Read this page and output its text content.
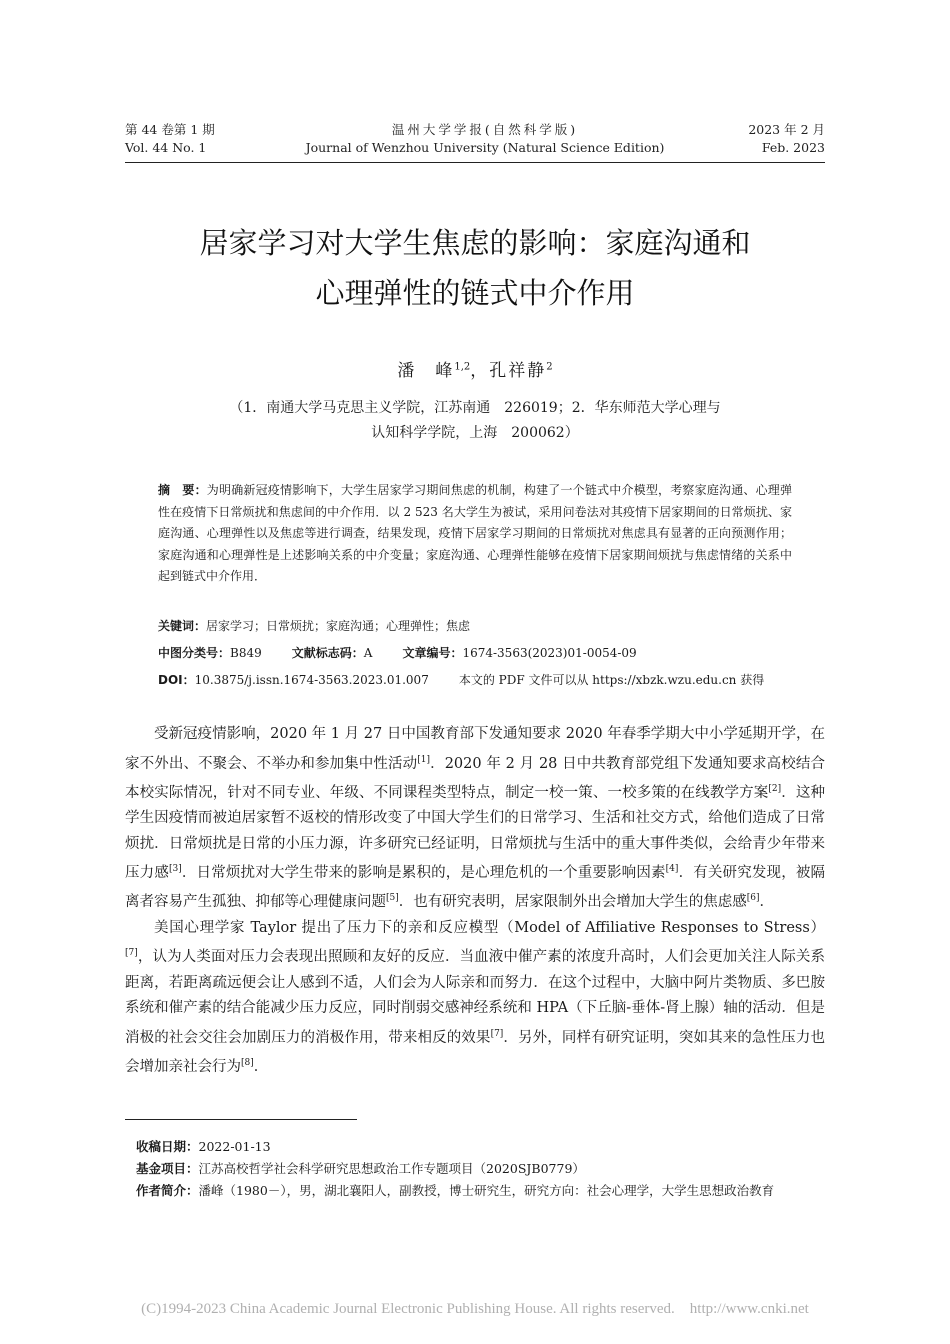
第 44 卷第 1 期
Vol. 44 No. 1
温州大学学报(自然科学版)
Journal of Wenzhou University (Natural Science Edition)
2023 年 2 月
Feb. 2023
居家学习对大学生焦虑的影响：家庭沟通和
心理弹性的链式中介作用
潘　峰$^{1,2}$，孔祥静$^2$
（1．南通大学马克思主义学院，江苏南通　226019；2．华东师范大学心理与
认知科学学院，上海　200062）
摘　要：为明确新冠疫情影响下，大学生居家学习期间焦虑的机制，构建了一个链式中介模型，考察家庭沟通、心理弹性在疫情下日常烦扰和焦虑间的中介作用．以 2 523 名大学生为被试，采用问卷法对其疫情下居家期间的日常烦扰、家庭沟通、心理弹性以及焦虑等进行调查，结果发现，疫情下居家学习期间的日常烦扰对焦虑具有显著的正向预测作用；家庭沟通和心理弹性是上述影响关系的中介变量；家庭沟通、心理弹性能够在疫情下居家期间烦扰与焦虑情绪的关系中起到链式中介作用．
关键词：居家学习；日常烦扰；家庭沟通；心理弹性；焦虑
中图分类号：B849	文献标志码：A	文章编号：1674-3563(2023)01-0054-09
DOI：10.3875/j.issn.1674-3563.2023.01.007	本文的 PDF 文件可以从 https://xbzk.wzu.edu.cn 获得

受新冠疫情影响，2020 年 1 月 27 日中国教育部下发通知要求 2020 年春季学期大中小学延期开学，在家不外出、不聚会、不举办和参加集中性活动[1]．2020 年 2 月 28 日中共教育部党组下发通知要求高校结合本校实际情况，针对不同专业、年级、不同课程类型特点，制定一校一策、一校多策的在线教学方案[2]．这种学生因疫情而被迫居家暂不返校的情形改变了中国大学生们的日常学习、生活和社交方式，给他们造成了日常烦扰．日常烦扰是日常的小压力源，许多研究已经证明，日常烦扰与生活中的重大事件类似，会给青少年带来压力感[3]．日常烦扰对大学生带来的影响是累积的，是心理危机的一个重要影响因素[4]．有关研究发现，被隔离者容易产生孤独、抑郁等心理健康问题[5]．也有研究表明，居家限制外出会增加大学生的焦虑感[6]．

美国心理学家 Taylor 提出了压力下的亲和反应模型（Model of Affiliative Responses to Stress）[7]，认为人类面对压力会表现出照顾和友好的反应．当血液中催产素的浓度升高时，人们会更加关注人际关系距离，若距离疏远便会让人感到不适，人们会为人际亲和而努力．在这个过程中，大脑中阿片类物质、多巴胺系统和催产素的结合能减少压力反应，同时削弱交感神经系统和 HPA（下丘脑-垂体-肾上腺）轴的活动．但是消极的社会交往会加剧压力的消极作用，带来相反的效果[7]．另外，同样有研究证明，突如其来的急性压力也会增加亲社会行为[8]．

收稿日期：2022-01-13

基金项目：江苏高校哲学社会科学研究思想政治工作专题项目（2020SJB0779）

作者简介：潘峰（1980－），男，湖北襄阳人，副教授，博士研究生，研究方向：社会心理学，大学生思想政治教育

(C)1994-2023 China Academic Journal Electronic Publishing House. All rights reserved.　http://www.cnki.net
